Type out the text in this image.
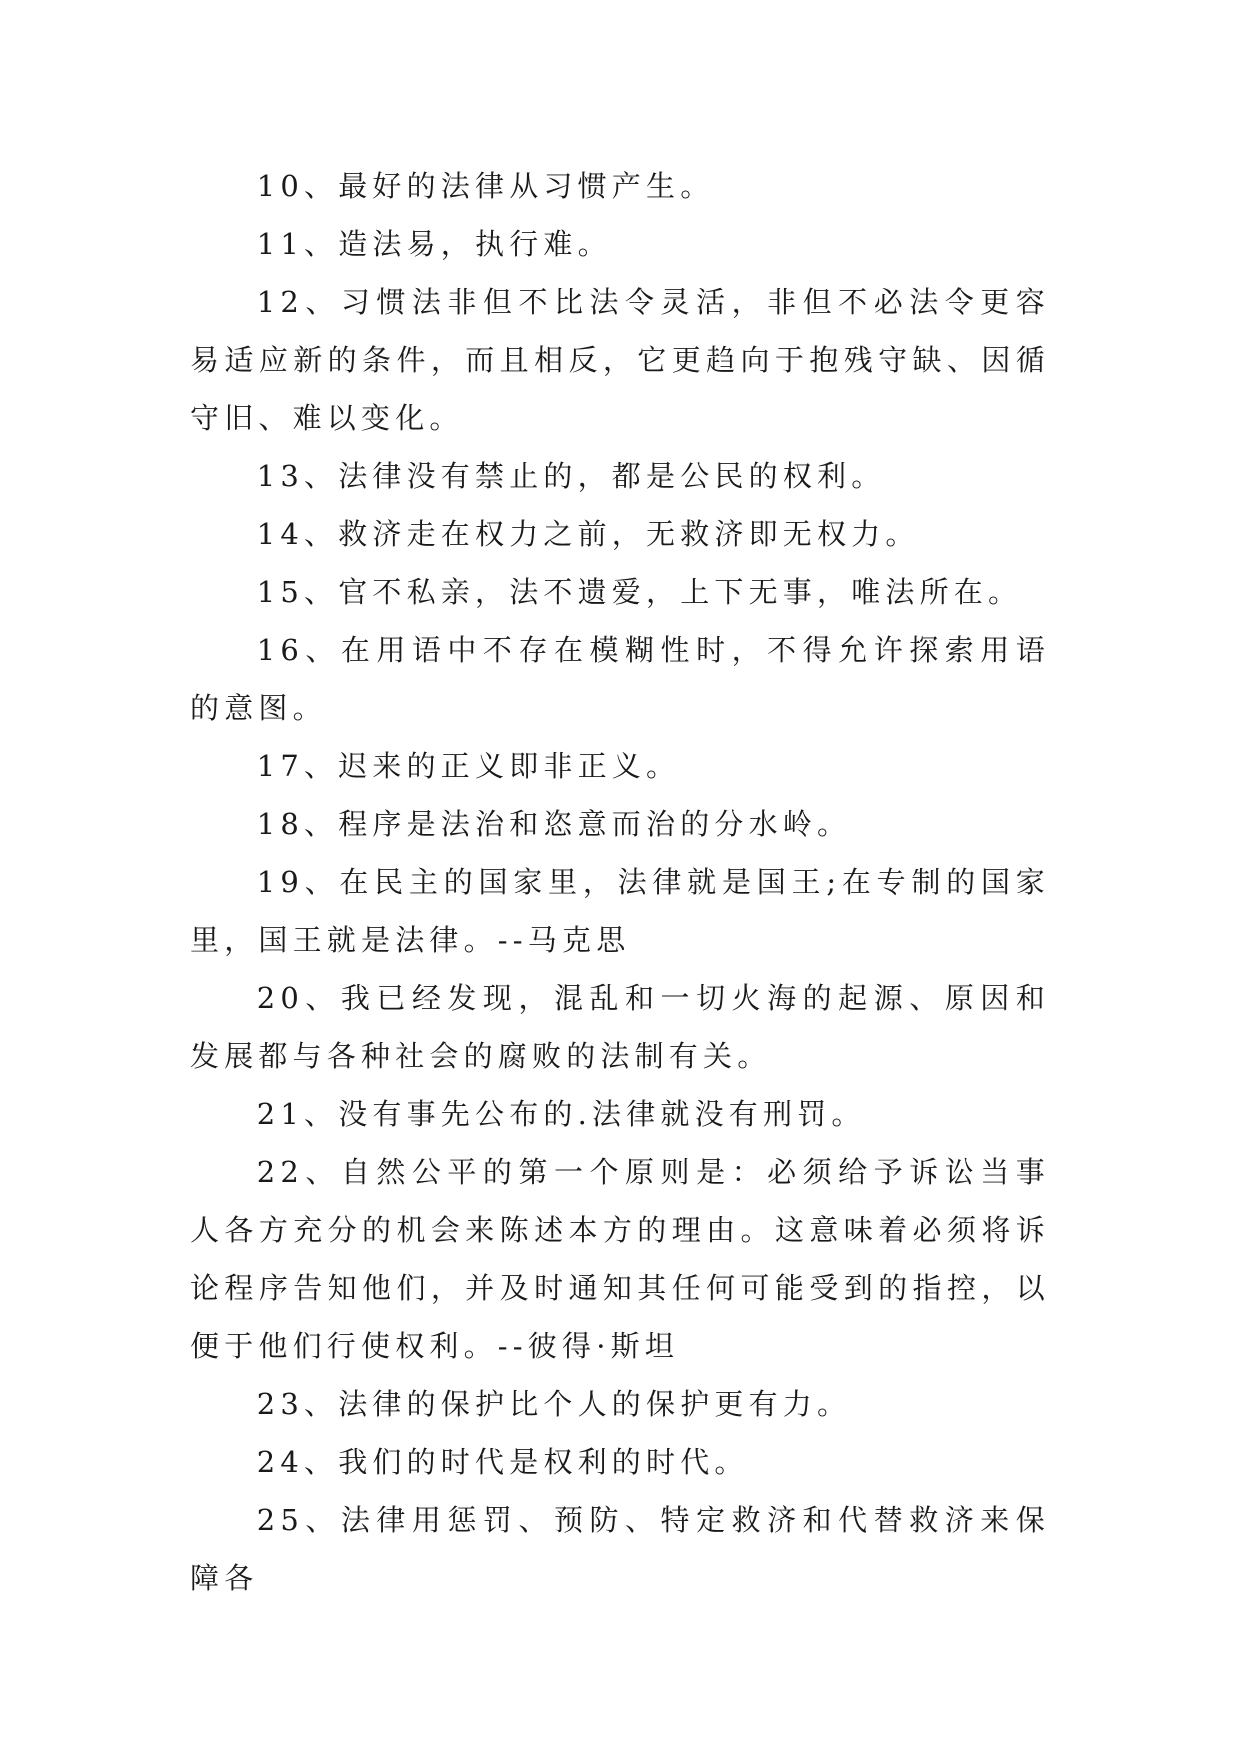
10、最好的法律从习惯产生。

11、造法易，执行难。

12、习惯法非但不比法令灵活，非但不必法令更容易适应新的条件，而且相反，它更趋向于抱残守缺、因循守旧、难以变化。

13、法律没有禁止的，都是公民的权利。

14、救济走在权力之前，无救济即无权力。

15、官不私亲，法不遗爱，上下无事，唯法所在。

16、在用语中不存在模糊性时，不得允许探索用语的意图。

17、迟来的正义即非正义。

18、程序是法治和恣意而治的分水岭。

19、在民主的国家里，法律就是国王;在专制的国家里，国王就是法律。--马克思

20、我已经发现，混乱和一切火海的起源、原因和发展都与各种社会的腐败的法制有关。

21、没有事先公布的.法律就没有刑罚。

22、自然公平的第一个原则是：必须给予诉讼当事人各方充分的机会来陈述本方的理由。这意味着必须将诉论程序告知他们，并及时通知其任何可能受到的指控，以便于他们行使权利。--彼得·斯坦

23、法律的保护比个人的保护更有力。

24、我们的时代是权利的时代。

25、法律用惩罚、预防、特定救济和代替救济来保障各
